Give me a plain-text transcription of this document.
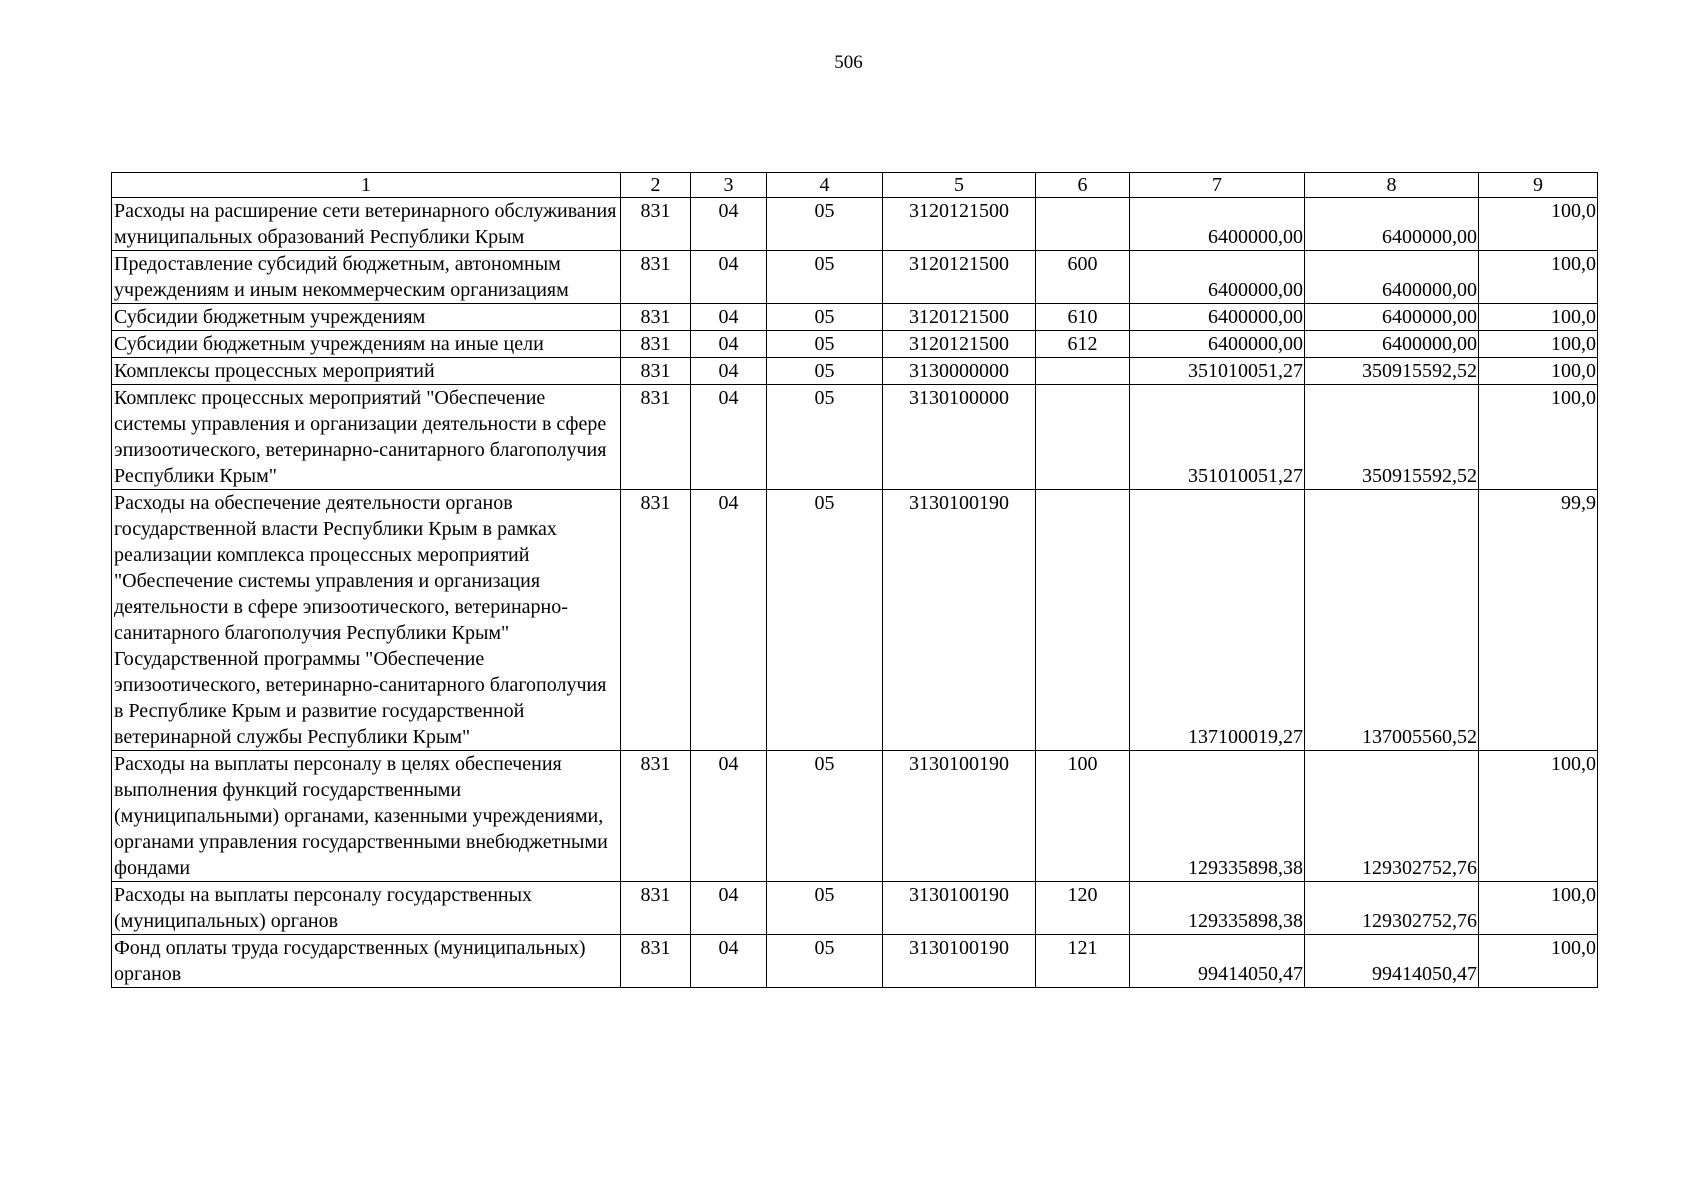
506
1	2	3	4	5	6	7	8	9
Расходы на расширение сети ветеринарного обслуживания муниципальных образований Республики Крым	831	04	05	3120121500		6400000,00	6400000,00	100,0
Предоставление субсидий бюджетным, автономным учреждениям и иным некоммерческим организациям	831	04	05	3120121500	600	6400000,00	6400000,00	100,0
Субсидии бюджетным учреждениям	831	04	05	3120121500	610	6400000,00	6400000,00	100,0
Субсидии бюджетным учреждениям на иные цели	831	04	05	3120121500	612	6400000,00	6400000,00	100,0
Комплексы процессных мероприятий	831	04	05	3130000000		351010051,27	350915592,52	100,0
Комплекс процессных мероприятий "Обеспечение системы управления и организации деятельности в сфере эпизоотического, ветеринарно-санитарного благополучия Республики Крым"	831	04	05	3130100000		351010051,27	350915592,52	100,0
Расходы на обеспечение деятельности органов государственной власти Республики Крым в рамках реализации комплекса процессных мероприятий "Обеспечение системы управления и организация деятельности в сфере эпизоотического, ветеринарно-санитарного благополучия Республики Крым" Государственной программы "Обеспечение эпизоотического, ветеринарно-санитарного благополучия в Республике Крым и развитие государственной ветеринарной службы Республики Крым"	831	04	05	3130100190		137100019,27	137005560,52	99,9
Расходы на выплаты персоналу в целях обеспечения выполнения функций государственными (муниципальными) органами, казенными учреждениями, органами управления государственными внебюджетными фондами	831	04	05	3130100190	100	129335898,38	129302752,76	100,0
Расходы на выплаты персоналу государственных (муниципальных) органов	831	04	05	3130100190	120	129335898,38	129302752,76	100,0
Фонд оплаты труда государственных (муниципальных) органов	831	04	05	3130100190	121	99414050,47	99414050,47	100,0
